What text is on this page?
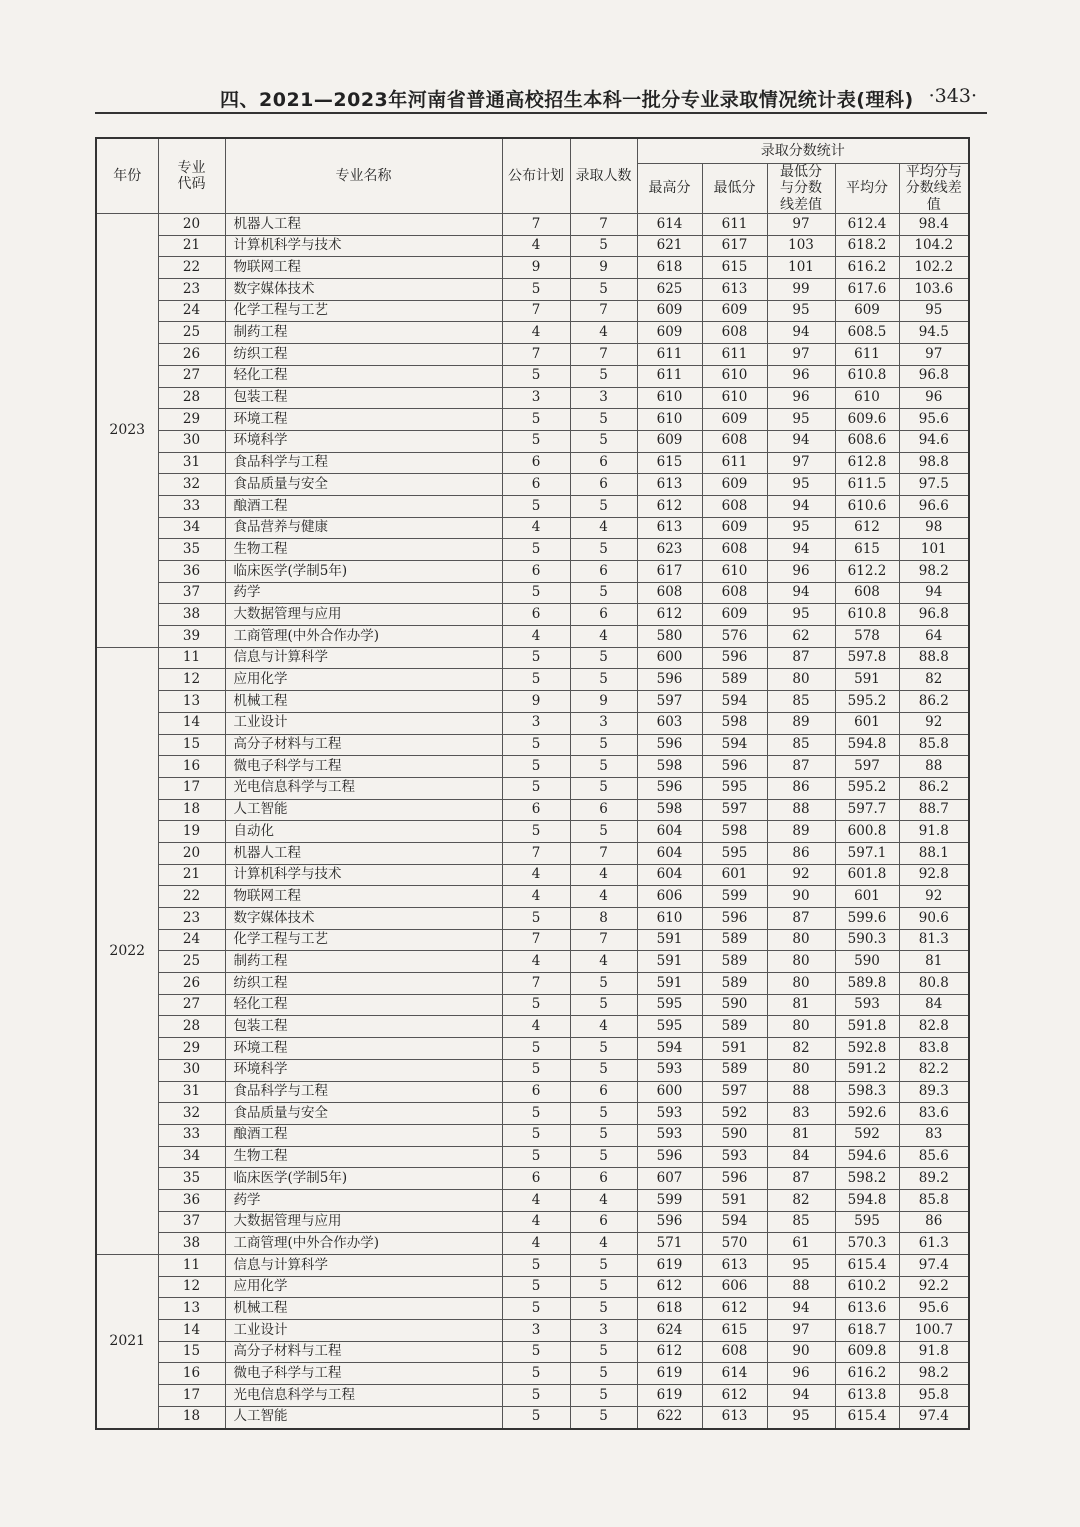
四、2021—2023年河南省普通高校招生本科一批分专业录取情况统计表(理科) ·343·
年份	专业代码	专业名称	公布计划	录取人数	录取分数统计				
					最高分	最低分	最低分与分数线差值	平均分	平均分与分数线差值
2023	20	机器人工程	7	7	614	611	97	612.4	98.4
	21	计算机科学与技术	4	5	621	617	103	618.2	104.2
	22	物联网工程	9	9	618	615	101	616.2	102.2
	23	数字媒体技术	5	5	625	613	99	617.6	103.6
	24	化学工程与工艺	7	7	609	609	95	609	95
	25	制药工程	4	4	609	608	94	608.5	94.5
	26	纺织工程	7	7	611	611	97	611	97
	27	轻化工程	5	5	611	610	96	610.8	96.8
	28	包装工程	3	3	610	610	96	610	96
	29	环境工程	5	5	610	609	95	609.6	95.6
	30	环境科学	5	5	609	608	94	608.6	94.6
	31	食品科学与工程	6	6	615	611	97	612.8	98.8
	32	食品质量与安全	6	6	613	609	95	611.5	97.5
	33	酿酒工程	5	5	612	608	94	610.6	96.6
	34	食品营养与健康	4	4	613	609	95	612	98
	35	生物工程	5	5	623	608	94	615	101
	36	临床医学(学制5年)	6	6	617	610	96	612.2	98.2
	37	药学	5	5	608	608	94	608	94
	38	大数据管理与应用	6	6	612	609	95	610.8	96.8
	39	工商管理(中外合作办学)	4	4	580	576	62	578	64
2022	11	信息与计算科学	5	5	600	596	87	597.8	88.8
	12	应用化学	5	5	596	589	80	591	82
	13	机械工程	9	9	597	594	85	595.2	86.2
	14	工业设计	3	3	603	598	89	601	92
	15	高分子材料与工程	5	5	596	594	85	594.8	85.8
	16	微电子科学与工程	5	5	598	596	87	597	88
	17	光电信息科学与工程	5	5	596	595	86	595.2	86.2
	18	人工智能	6	6	598	597	88	597.7	88.7
	19	自动化	5	5	604	598	89	600.8	91.8
	20	机器人工程	7	7	604	595	86	597.1	88.1
	21	计算机科学与技术	4	4	604	601	92	601.8	92.8
	22	物联网工程	4	4	606	599	90	601	92
	23	数字媒体技术	5	8	610	596	87	599.6	90.6
	24	化学工程与工艺	7	7	591	589	80	590.3	81.3
	25	制药工程	4	4	591	589	80	590	81
	26	纺织工程	7	5	591	589	80	589.8	80.8
	27	轻化工程	5	5	595	590	81	593	84
	28	包装工程	4	4	595	589	80	591.8	82.8
	29	环境工程	5	5	594	591	82	592.8	83.8
	30	环境科学	5	5	593	589	80	591.2	82.2
	31	食品科学与工程	6	6	600	597	88	598.3	89.3
	32	食品质量与安全	5	5	593	592	83	592.6	83.6
	33	酿酒工程	5	5	593	590	81	592	83
	34	生物工程	5	5	596	593	84	594.6	85.6
	35	临床医学(学制5年)	6	6	607	596	87	598.2	89.2
	36	药学	4	4	599	591	82	594.8	85.8
	37	大数据管理与应用	4	6	596	594	85	595	86
	38	工商管理(中外合作办学)	4	4	571	570	61	570.3	61.3
2021	11	信息与计算科学	5	5	619	613	95	615.4	97.4
	12	应用化学	5	5	612	606	88	610.2	92.2
	13	机械工程	5	5	618	612	94	613.6	95.6
	14	工业设计	3	3	624	615	97	618.7	100.7
	15	高分子材料与工程	5	5	612	608	90	609.8	91.8
	16	微电子科学与工程	5	5	619	614	96	616.2	98.2
	17	光电信息科学与工程	5	5	619	612	94	613.8	95.8
	18	人工智能	5	5	622	613	95	615.4	97.4
